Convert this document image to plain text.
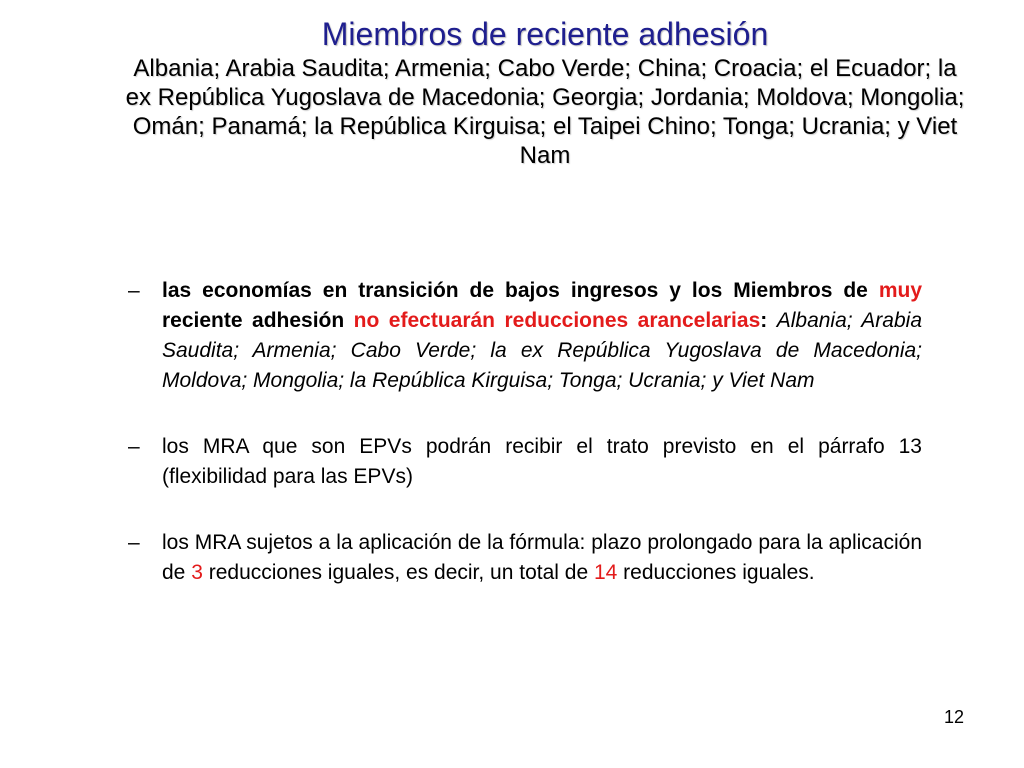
Miembros de reciente adhesión
Albania; Arabia Saudita; Armenia; Cabo Verde; China; Croacia; el Ecuador; la ex República Yugoslava de Macedonia; Georgia; Jordania; Moldova; Mongolia; Omán; Panamá; la República Kirguisa; el Taipei Chino; Tonga; Ucrania; y Viet Nam
– las economías en transición de bajos ingresos y los Miembros de muy reciente adhesión no efectuarán reducciones arancelarias: Albania; Arabia Saudita; Armenia; Cabo Verde; la ex República Yugoslava de Macedonia; Moldova; Mongolia; la República Kirguisa; Tonga; Ucrania; y Viet Nam
– los MRA que son EPVs podrán recibir el trato previsto en el párrafo 13 (flexibilidad para las EPVs)
– los MRA sujetos a la aplicación de la fórmula: plazo prolongado para la aplicación de 3 reducciones iguales, es decir, un total de 14 reducciones iguales.
12
